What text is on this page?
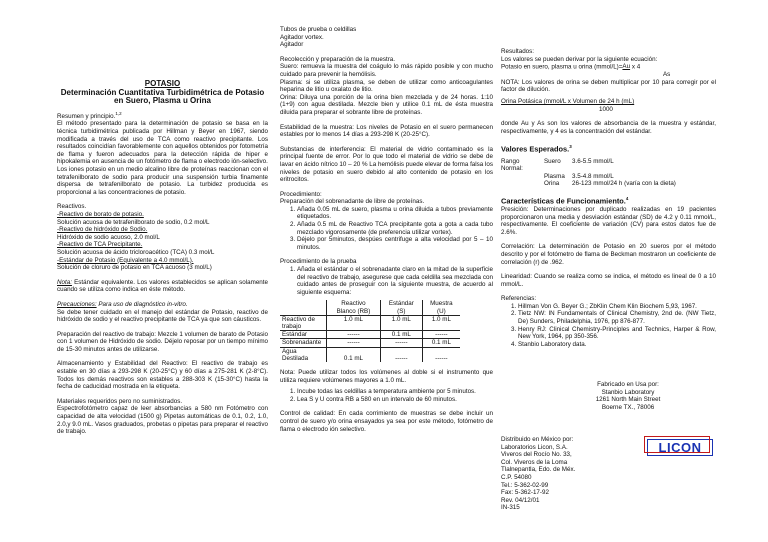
POTASIO

Determinación Cuantitativa Turbidimétrica de Potasio en Suero, Plasma u Orina

Resumen y principio.$^{1,2}$

El método presentado para la determinación de potasio se basa en la técnica turbidimétrica publicada por Hillman y Beyer en 1967, siendo modificada a través del uso de TCA como reactivo precipitante. Los resultados coincidían favorablemente con aquellos obtenidos por fotometría de flama y fueron adecuados para la detección rápida de hiper e hipokalemia en ausencia de un fotómetro de flama o electrodo ión-selectivo.

Los iones potasio en un medio alcalino libre de proteínas reaccionan con el tetrafenilborato de sodio para producir una suspensión turbia finamente dispersa de tetrafenilborato de potasio. La turbidez producida es proporcional a las concentraciones de potasio.

Reactivos.

-Reactivo de borato de potasio.

Solución acuosa de tetrafenilborato de sodio, 0.2 mol/L

-Reactivo de hidróxido de Sodio.

Hidróxido de sodio acuoso, 2.0 mol/L

-Reactivo de TCA Precipitante.

Solución acuosa de ácido tricloroacético (TCA) 0.3 mol/L

-Estándar de Potasio (Equivalente a 4.0 mmol/L).

Solución de cloruro de potasio en TCA acuoso (3 mol/L)

Nota: Estándar equivalente. Los valores establecidos se aplican solamente cuando se utiliza como indica en éste método.

Precauciones: Para uso de diagnóstico in-vitro.

Se debe tener cuidado en el manejo del estándar de Potasio, reactivo de hidróxido de sodio y el reactivo precipitante de TCA ya que son cáusticos.

Preparación del reactivo de trabajo: Mezcle 1 volumen de barato de Potasio con 1 volumen de Hidróxido de sodio. Déjelo reposar por un tiempo mínimo de 15-30 minutos antes de utilizarse.

Almacenamiento y Estabilidad del Reactivo: El reactivo de trabajo es estable en 30 días a 293-298 K (20-25°C) y 60 días a 275-281 K (2-8°C). Todos los demás reactivos son estables a 288-303 K (15-30°C) hasta la fecha de caducidad mostrada en la etiqueta.

Materiales requeridos pero no suministrados.

Espectrofotómetro capaz de leer absorbancias a 580 nm Fotómetro con capacidad de alta velocidad (1500 g) Pipetas automáticas de 0.1, 0.2, 1.0, 2.0,y 9.0 mL. Vasos graduados, probetas o pipetas para preparar el reactivo de trabajo.

Tubos de prueba o celdillas

Agitador vortex.

Agitador

Recolección y preparación de la muestra.

Suero: remueva la muestra del coágulo lo más rápido posible y con mucho cuidado para prevenir la hemólisis.

Plasma: si se utiliza plasma, se deben de utilizar como anticoagulantes heparina de litio u oxalato de litio.

Orina: Diluya una porción de la orina bien mezclada y de 24 horas. 1:10 (1+9) con agua destilada. Mezcle bien y utilice 0.1 mL de ésta muestra diluida para preparar el sobrante libre de proteínas.

Estabilidad de la muestra: Los niveles de Potasio en el suero permanecen estables por lo menos 14 días a 293-298 K (20-25°C).

Substancias de interferencia: El material de vidrio contaminado es la principal fuente de error. Por lo que todo el material de vidrio se debe de lavar en ácido nítrico 10 – 20 % La hemólisis puede elevar de forma falsa los niveles de potasio en suero debido al alto contenido de potasio en los eritrocitos.

Procedimiento:

Preparación del sobrenadante de libre de proteínas.

1. Añada 0.05 mL de suero, plasma u orina diluida a tubos previamente etiquetados.
2. Añada 0.5 mL de Reactivo TCA precipitante gota a gota a cada tubo mezclado vigorosamente (de preferencia utilizar vortex).
3. Déjelo por 5minutos, despúes centrifuge a alta velocidad por 5 – 10 minutos.

Procedimiento de la prueba

1. Añada el estándar o el sobrenadante claro en la mitad de la superficie del reactivo de trabajo, asegurese que cada celdilla sea mezclada con cuidado antes de proseguir con la siguiente muestra, de acuerdo al siguiente esquema:
	Reactivo	Estándar	Muestra
	Blanco (RB)	(S)	(U)
Reactivo de trabajo	1.0 mL	1.0 mL	1.0 mL
Estándar	------	0.1 mL	------
Sobrenadante	------	------	0.1 mL
Agua Destilada	0.1 mL	------	------

Nota: Puede utilizar todos los volúmenes al doble si el instrumento que utiliza requiere volúmenes mayores a 1.0 mL.

1. Incube todas las celdillas a temperatura ambiente por 5 minutos.
2. Lea S y U contra RB a 580 en un intervalo de 60 minutos.

Control de calidad: En cada corrimiento de muestras se debe incluir un control de suero y/o orina ensayados ya sea por este método, fotómetro de flama o electrodo ión selectivo.

Resultados:

Los valores se pueden derivar por la siguiente ecuación:

Potasio en suero, plasma u orina (mmol/L)= Au x 4

As

NOTA: Los valores de orina se deben multiplicar por 10 para corregir por el factor de dilución.

Orina Potásica (mmol/L x Volumen de 24 h (mL)

1000

donde Au y As son los valores de absorbancia de la muestra y estándar, respectivamente, y 4 es la concentración del estándar.

Valores Esperados.$^3$

Rango Normal:	Suero	3.6-5.5 mmol/L
	Plasma	3.5-4.8 mmol/L
	Orina	26-123 mmol/24 h (varía con la dieta)

Características de Funcionamiento.$^4$

Presición: Determinaciones por duplicado realizadas en 19 pacientes proporcionaron una media y desviación estándar (SD) de 4.2 y 0.11 mmol/L, respectivamente. El coeficiente de variación (CV) para estos datos fue de 2.6%.

Correlación: La determinación de Potasio en 20 sueros por el método descrito y por el fotómetro de flama de Beckman mostraron un coeficiente de correlación (r) de .962.

Linearidad: Cuando se realiza como se indica, el método es lineal de 0 a 10 mmol/L.

Referencias:

1. Hillman Von G. Beyer G.; ZbKlin Chem Klin Biochem 5,93, 1967.
2. Tietz NW: IN Fundamentals of Clinical Chemistry, 2nd de. (NW Tietz, De) Sunders, Philadelphia, 1976, pp 876-877.
3. Henry RJ: Clinical Chemistry-Principles and Technics, Harper & Row, New York, 1964, pp 350-356.
4. Stanbio Laboratory data.

Fabricado en Usa por:

Stanbio Laboratory

1261 North Main Street

Boerne TX., 78006

Distribuido en México por:

Laboratorios Licon, S.A.

Viveros del Rocío No. 33,

Col. Viveros de la Loma

Tlalnepantla, Edo. de Méx.

C.P. 54080

Tel.: 5-362-02-99

Fax: 5-362-17-92

Rev. 04/12/01

IN-315

LICON
